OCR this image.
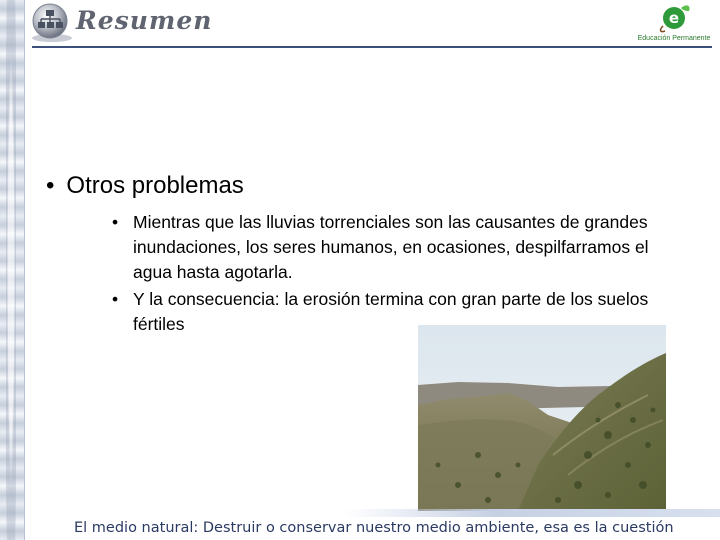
Resumen	e
Educación Permanente
• Otros problemas
• Mientras que las lluvias torrenciales son las causantes de grandes inundaciones, los seres humanos, en ocasiones, despilfarramos el agua hasta agotarla.
• Y la consecuencia: la erosión termina con gran parte de los suelos fértiles
El medio natural: Destruir o conservar nuestro medio ambiente, esa es la cuestión
